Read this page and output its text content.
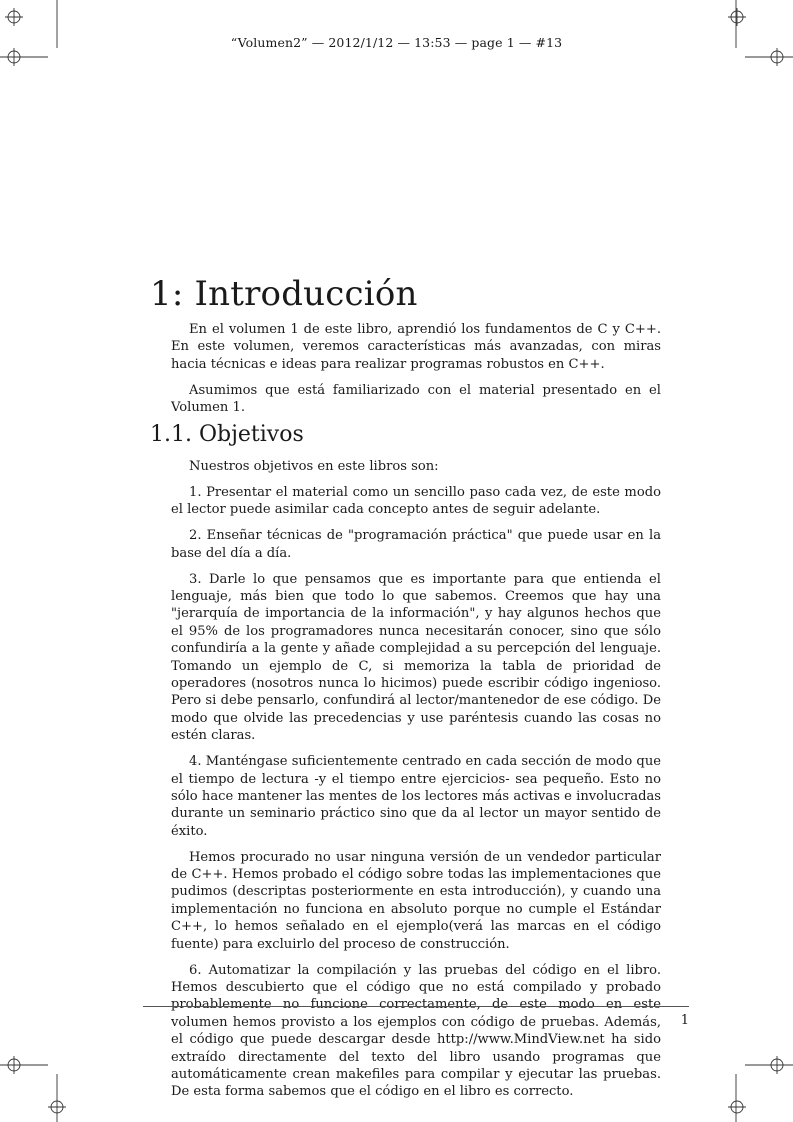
“Volumen2” — 2012/1/12 — 13:53 — page 1 — #13
1: Introducción

En el volumen 1 de este libro, aprendió los fundamentos de C y C++. En este volumen, veremos características más avanzadas, con miras hacia técnicas e ideas para realizar programas robustos en C++.

Asumimos que está familiarizado con el material presentado en el Volumen 1.

1.1. Objetivos

Nuestros objetivos en este libros son:

1. Presentar el material como un sencillo paso cada vez, de este modo el lector puede asimilar cada concepto antes de seguir adelante.

2. Enseñar técnicas de "programación práctica" que puede usar en la base del día a día.

3. Darle lo que pensamos que es importante para que entienda el lenguaje, más bien que todo lo que sabemos. Creemos que hay una "jerarquía de importancia de la información", y hay algunos hechos que el 95% de los programadores nunca necesitarán conocer, sino que sólo confundiría a la gente y añade complejidad a su percepción del lenguaje. Tomando un ejemplo de C, si memoriza la tabla de prioridad de operadores (nosotros nunca lo hicimos) puede escribir código ingenioso. Pero si debe pensarlo, confundirá al lector/mantenedor de ese código. De modo que olvide las precedencias y use paréntesis cuando las cosas no estén claras.

4. Manténgase suficientemente centrado en cada sección de modo que el tiempo de lectura -y el tiempo entre ejercicios- sea pequeño. Esto no sólo hace mantener las mentes de los lectores más activas e involucradas durante un seminario práctico sino que da al lector un mayor sentido de éxito.

Hemos procurado no usar ninguna versión de un vendedor particular de C++. Hemos probado el código sobre todas las implementaciones que pudimos (descriptas posteriormente en esta introducción), y cuando una implementación no funciona en absoluto porque no cumple el Estándar C++, lo hemos señalado en el ejemplo(verá las marcas en el código fuente) para excluirlo del proceso de construcción.

6. Automatizar la compilación y las pruebas del código en el libro. Hemos descubierto que el código que no está compilado y probado probablemente no funcione correctamente, de este modo en este volumen hemos provisto a los ejemplos con código de pruebas. Además, el código que puede descargar desde http://www.MindView.net ha sido extraído directamente del texto del libro usando programas que automáticamente crean makefiles para compilar y ejecutar las pruebas. De esta forma sabemos que el código en el libro es correcto.

1
